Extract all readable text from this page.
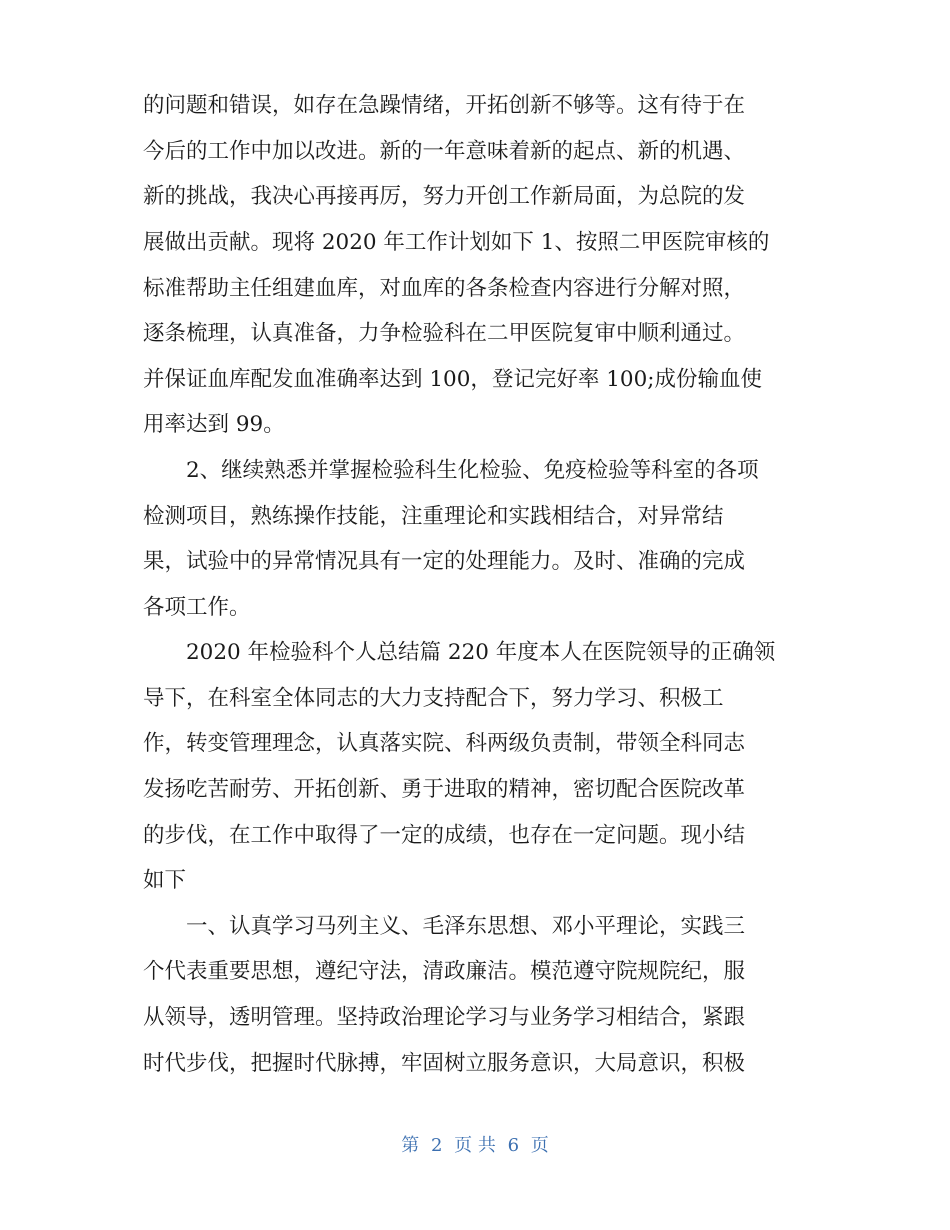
的问题和错误，如存在急躁情绪，开拓创新不够等。这有待于在
今后的工作中加以改进。新的一年意味着新的起点、新的机遇、
新的挑战，我决心再接再厉，努力开创工作新局面，为总院的发
展做出贡献。现将 2020 年工作计划如下 1、按照二甲医院审核的
标准帮助主任组建血库，对血库的各条检查内容进行分解对照，
逐条梳理，认真准备，力争检验科在二甲医院复审中顺利通过。
并保证血库配发血准确率达到 100，登记完好率 100;成份输血使
用率达到 99。
2、继续熟悉并掌握检验科生化检验、免疫检验等科室的各项
检测项目，熟练操作技能，注重理论和实践相结合，对异常结
果，试验中的异常情况具有一定的处理能力。及时、准确的完成
各项工作。
2020 年检验科个人总结篇 220 年度本人在医院领导的正确领
导下，在科室全体同志的大力支持配合下，努力学习、积极工
作，转变管理理念，认真落实院、科两级负责制，带领全科同志
发扬吃苦耐劳、开拓创新、勇于进取的精神，密切配合医院改革
的步伐，在工作中取得了一定的成绩，也存在一定问题。现小结
如下
一、认真学习马列主义、毛泽东思想、邓小平理论，实践三
个代表重要思想，遵纪守法，清政廉洁。模范遵守院规院纪，服
从领导，透明管理。坚持政治理论学习与业务学习相结合，紧跟
时代步伐，把握时代脉搏，牢固树立服务意识，大局意识，积极
第 2 页 共 6 页
